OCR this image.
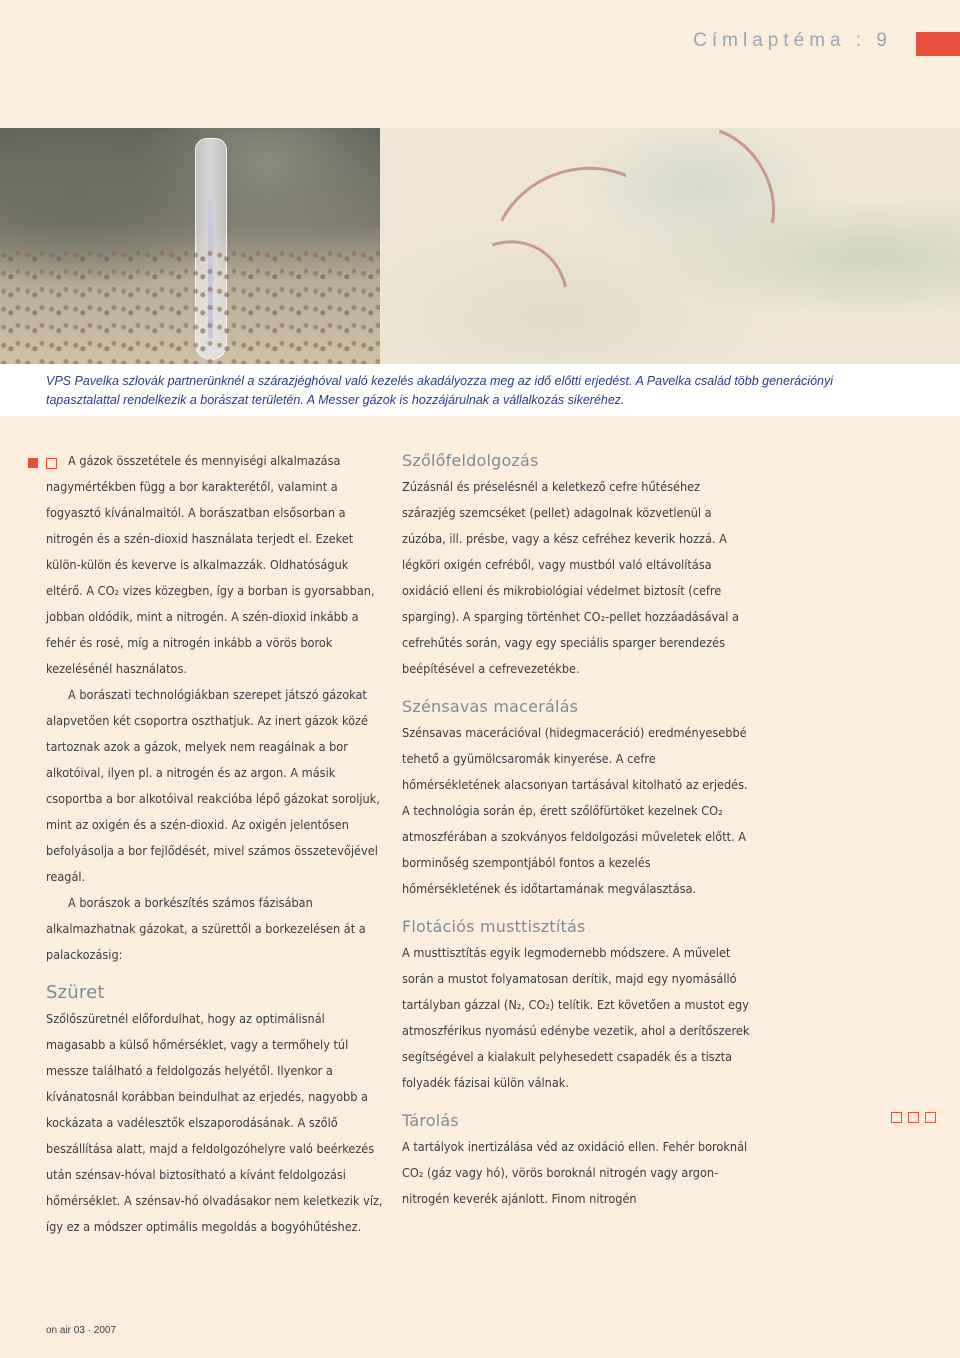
Címlaptéma : 9
VPS Pavelka szlovák partnerünknél a szárazjéghóval való kezelés akadályozza meg az idő előtti erjedést. A Pavelka család több generációnyi tapasztalattal rendelkezik a borászat területén. A Messer gázok is hozzájárulnak a vállalkozás sikeréhez.

A gázok összetétele és mennyiségi alkalmazása nagymértékben függ a bor karakterétől, valamint a fogyasztó kívánalmaitól. A borászatban elsősorban a nitrogén és a szén-dioxid használata terjedt el. Ezeket külön-külön és keverve is alkalmazzák. Oldhatóságuk eltérő. A CO₂ vizes közegben, így a borban is gyorsabban, jobban oldódik, mint a nitrogén. A szén-dioxid inkább a fehér és rosé, míg a nitrogén inkább a vörös borok kezelésénél használatos.

A borászati technológiákban szerepet játszó gázokat alapvetően két csoportra oszthatjuk. Az inert gázok közé tartoznak azok a gázok, melyek nem reagálnak a bor alkotóival, ilyen pl. a nitrogén és az argon. A másik csoportba a bor alkotóival reakcióba lépő gázokat soroljuk, mint az oxigén és a szén-dioxid. Az oxigén jelentősen befolyásolja a bor fejlődését, mivel számos összetevőjével reagál.

A borászok a borkészítés számos fázisában alkalmazhatnak gázokat, a szürettől a borkezelésen át a palackozásig:

Szüret

Szőlőszüretnél előfordulhat, hogy az optimálisnál magasabb a külső hőmérséklet, vagy a termőhely túl messze található a feldolgozás helyétől. Ilyenkor a kívánatosnál korábban beindulhat az erjedés, nagyobb a kockázata a vadélesztők elszaporodásának. A szőlő beszállítása alatt, majd a feldolgozóhelyre való beérkezés után szénsav-hóval biztosítható a kívánt feldolgozási hőmérséklet. A szénsav-hó olvadásakor nem keletkezik víz, így ez a módszer optimális megoldás a bogyóhűtéshez.

Szőlőfeldolgozás

Zúzásnál és préselésnél a keletkező cefre hűtéséhez szárazjég szemcséket (pellet) adagolnak közvetlenül a zúzóba, ill. présbe, vagy a kész cefréhez keverik hozzá. A légköri oxigén cefréből, vagy mustból való eltávolítása oxidáció elleni és mikrobiológiai védelmet biztosít (cefre sparging). A sparging történhet CO₂-pellet hozzáadásával a cefrehűtés során, vagy egy speciális sparger berendezés beépítésével a cefrevezetékbe.

Szénsavas macerálás

Szénsavas macerációval (hidegmaceráció) eredményesebbé tehető a gyümölcsaromák kinyerése. A cefre hőmérsékletének alacsonyan tartásával kitolható az erjedés. A technológia során ép, érett szőlőfürtöket kezelnek CO₂ atmoszférában a szokványos feldolgozási műveletek előtt. A borminőség szempontjából fontos a kezelés hőmérsékletének és időtartamának megválasztása.

Flotációs musttisztítás

A musttisztítás egyik legmodernebb módszere. A művelet során a mustot folyamatosan derítik, majd egy nyomásálló tartályban gázzal (N₂, CO₂) telítik. Ezt követően a mustot egy atmoszférikus nyomású edénybe vezetik, ahol a derítőszerek segítségével a kialakult pelyhesedett csapadék és a tiszta folyadék fázisai külön válnak.

Tárolás

A tartályok inertizálása véd az oxidáció ellen. Fehér boroknál CO₂ (gáz vagy hó), vörös boroknál nitrogén vagy argon-nitrogén keverék ajánlott. Finom nitrogén

on air 03 · 2007
